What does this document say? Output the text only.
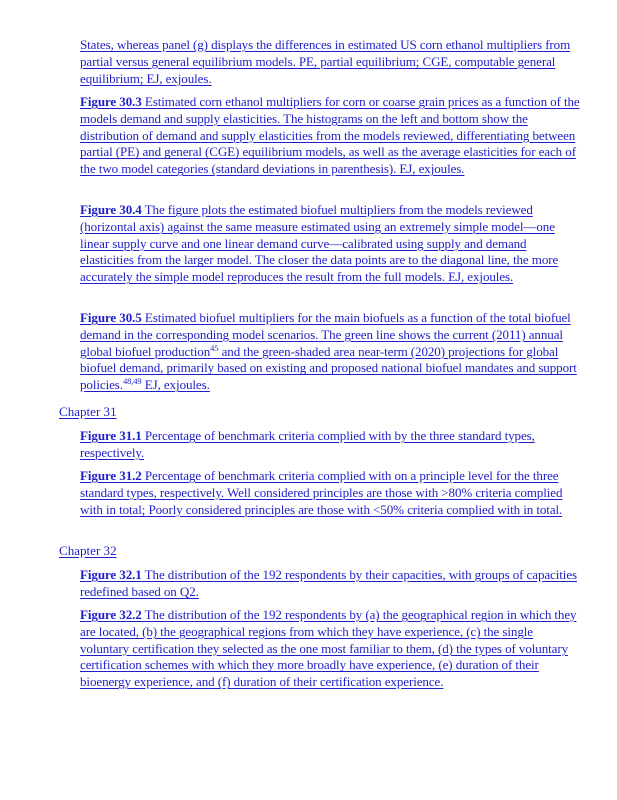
States, whereas panel (g) displays the differences in estimated US corn ethanol multipliers from partial versus general equilibrium models. PE, partial equilibrium; CGE, computable general equilibrium; EJ, exjoules.
Figure 30.3 Estimated corn ethanol multipliers for corn or coarse grain prices as a function of the models demand and supply elasticities. The histograms on the left and bottom show the distribution of demand and supply elasticities from the models reviewed, differentiating between partial (PE) and general (CGE) equilibrium models, as well as the average elasticities for each of the two model categories (standard deviations in parenthesis). EJ, exjoules.
Figure 30.4 The figure plots the estimated biofuel multipliers from the models reviewed (horizontal axis) against the same measure estimated using an extremely simple model—one linear supply curve and one linear demand curve—calibrated using supply and demand elasticities from the larger model. The closer the data points are to the diagonal line, the more accurately the simple model reproduces the result from the full models. EJ, exjoules.
Figure 30.5 Estimated biofuel multipliers for the main biofuels as a function of the total biofuel demand in the corresponding model scenarios. The green line shows the current (2011) annual global biofuel production$^{45}$ and the green-shaded area near-term (2020) projections for global biofuel demand, primarily based on existing and proposed national biofuel mandates and support policies.$^{48,49}$ EJ, exjoules.
Chapter 31
Figure 31.1 Percentage of benchmark criteria complied with by the three standard types, respectively.
Figure 31.2 Percentage of benchmark criteria complied with on a principle level for the three standard types, respectively. Well considered principles are those with >80% criteria complied with in total; Poorly considered principles are those with <50% criteria complied with in total.
Chapter 32
Figure 32.1 The distribution of the 192 respondents by their capacities, with groups of capacities redefined based on Q2.
Figure 32.2 The distribution of the 192 respondents by (a) the geographical region in which they are located, (b) the geographical regions from which they have experience, (c) the single voluntary certification they selected as the one most familiar to them, (d) the types of voluntary certification schemes with which they more broadly have experience, (e) duration of their bioenergy experience, and (f) duration of their certification experience.
